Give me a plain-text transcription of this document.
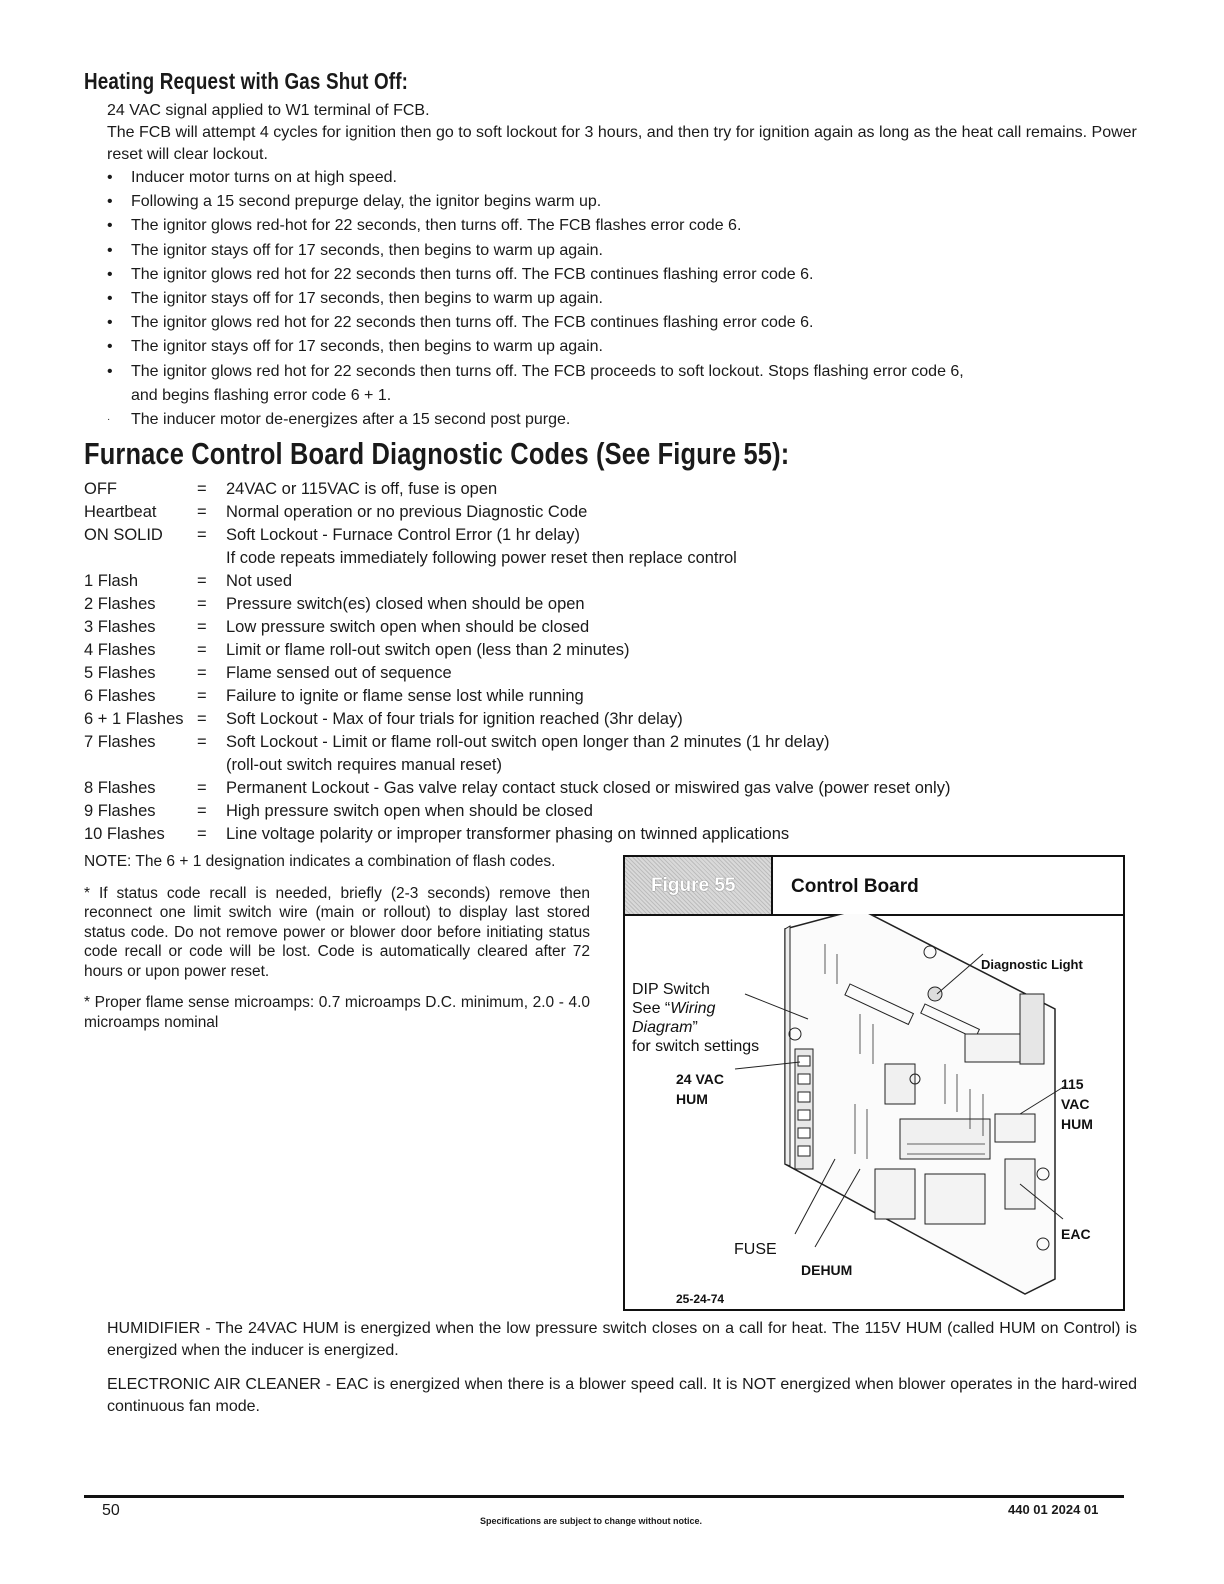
Heating Request with Gas Shut Off:

24 VAC signal applied to W1 terminal of FCB.

The FCB will attempt 4 cycles for ignition then go to soft lockout for 3 hours, and then try for ignition again as long as the heat call remains. Power reset will clear lockout.

• Inducer motor turns on at high speed.
• Following a 15 second prepurge delay, the ignitor begins warm up.
• The ignitor glows red-hot for 22 seconds, then turns off. The FCB flashes error code 6.
• The ignitor stays off for 17 seconds, then begins to warm up again.
• The ignitor glows red hot for 22 seconds then turns off. The FCB continues flashing error code 6.
• The ignitor stays off for 17 seconds, then begins to warm up again.
• The ignitor glows red hot for 22 seconds then turns off. The FCB continues flashing error code 6.
• The ignitor stays off for 17 seconds, then begins to warm up again.
• The ignitor glows red hot for 22 seconds then turns off. The FCB proceeds to soft lockout. Stops flashing error code 6, and begins flashing error code 6 + 1.
· The inducer motor de-energizes after a 15 second post purge.
Furnace Control Board Diagnostic Codes (See Figure 55):
OFF	=	24VAC or 115VAC is off, fuse is open
Heartbeat	=	Normal operation or no previous Diagnostic Code
ON SOLID	=	Soft Lockout - Furnace Control Error (1 hr delay)
If code repeats immediately following power reset then replace control
1 Flash	=	Not used
2 Flashes	=	Pressure switch(es) closed when should be open
3 Flashes	=	Low pressure switch open when should be closed
4 Flashes	=	Limit or flame roll-out switch open (less than 2 minutes)
5 Flashes	=	Flame sensed out of sequence
6 Flashes	=	Failure to ignite or flame sense lost while running
6 + 1 Flashes =	Soft Lockout - Max of four trials for ignition reached (3hr delay)
7 Flashes	=	Soft Lockout - Limit or flame roll-out switch open longer than 2 minutes (1 hr delay)
(roll-out switch requires manual reset)
8 Flashes	=	Permanent Lockout - Gas valve relay contact stuck closed or miswired gas valve (power reset only)
9 Flashes	=	High pressure switch open when should be closed
10 Flashes	=	Line voltage polarity or improper transformer phasing on twinned applications

NOTE: The 6 + 1 designation indicates a combination of flash codes.

* If status code recall is needed, briefly (2-3 seconds) remove then reconnect one limit switch wire (main or rollout) to display last stored status code. Do not remove power or blower door before initiating status code recall or code will be lost. Code is automatically cleared after 72 hours or upon power reset.

* Proper flame sense microamps: 0.7 microamps D.C. minimum, 2.0 - 4.0 microamps nominal

Figure 55	Control Board
DIP Switch
See “Wiring
Diagram”
for switch settings
24 VAC
HUM
Diagnostic Light
115
VAC
HUM
EAC
FUSE
DEHUM
25-24-74

HUMIDIFIER - The 24VAC HUM is energized when the low pressure switch closes on a call for heat. The 115V HUM (called HUM on Control) is energized when the inducer is energized.

ELECTRONIC AIR CLEANER - EAC is energized when there is a blower speed call. It is NOT energized when blower operates in the hard-wired continuous fan mode.

50
Specifications are subject to change without notice.
440 01 2024 01
